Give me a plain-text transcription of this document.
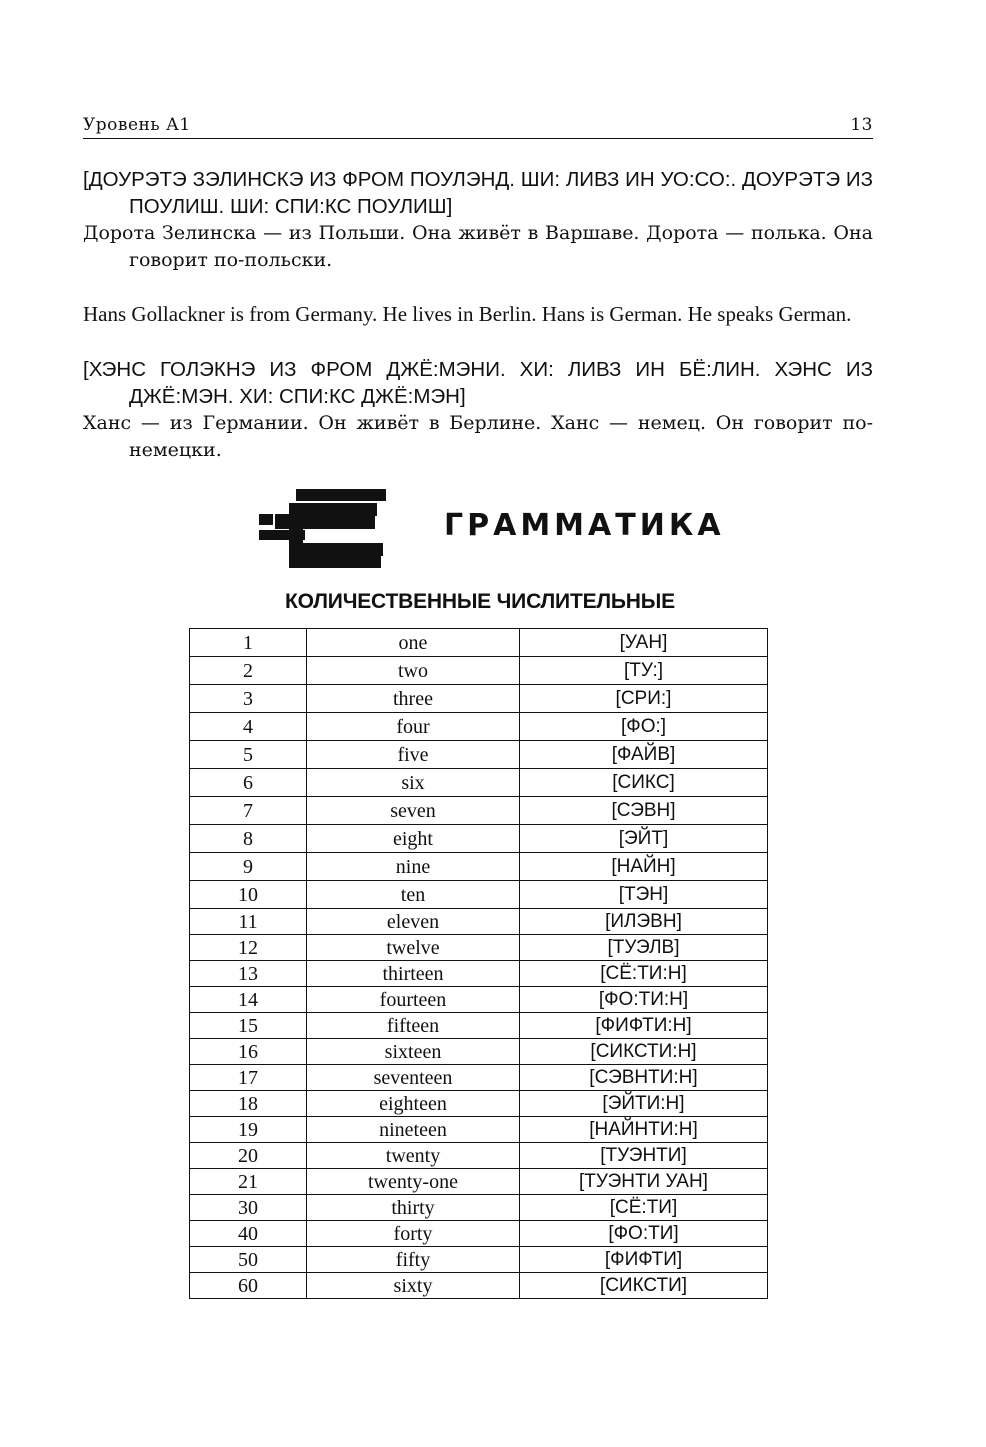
Уровень А1	13
[ДОУРЭТЭ ЗЭЛИНСКЭ ИЗ ФРОМ ПОУЛЭНД. ШИ: ЛИВЗ ИН УО:СО:. ДОУРЭТЭ ИЗ ПОУЛИШ. ШИ: СПИ:КС ПОУЛИШ]
Дорота Зелинска — из Польши. Она живёт в Варшаве. Дорота — полька. Она говорит по-польски.
Hans Gollackner is from Germany. He lives in Berlin. Hans is German. He speaks German.
[ХЭНС ГОЛЭКНЭ ИЗ ФРОМ ДЖЁ:МЭНИ. ХИ: ЛИВЗ ИН БЁ:ЛИН. ХЭНС ИЗ ДЖЁ:МЭН. ХИ: СПИ:КС ДЖЁ:МЭН]
Ханс — из Германии. Он живёт в Берлине. Ханс — немец. Он говорит по-немецки.
ГРАММАТИКА
КОЛИЧЕСТВЕННЫЕ ЧИСЛИТЕЛЬНЫЕ
1	one	[УАН]
2	two	[ТУ:]
3	three	[СРИ:]
4	four	[ФО:]
5	five	[ФАЙВ]
6	six	[СИКС]
7	seven	[СЭВН]
8	eight	[ЭЙТ]
9	nine	[НАЙН]
10	ten	[ТЭН]
11	eleven	[ИЛЭВН]
12	twelve	[ТУЭЛВ]
13	thirteen	[СЁ:ТИ:Н]
14	fourteen	[ФО:ТИ:Н]
15	fifteen	[ФИФТИ:Н]
16	sixteen	[СИКСТИ:Н]
17	seventeen	[СЭВНТИ:Н]
18	eighteen	[ЭЙТИ:Н]
19	nineteen	[НАЙНТИ:Н]
20	twenty	[ТУЭНТИ]
21	twenty-one	[ТУЭНТИ УАН]
30	thirty	[СЁ:ТИ]
40	forty	[ФО:ТИ]
50	fifty	[ФИФТИ]
60	sixty	[СИКСТИ]
